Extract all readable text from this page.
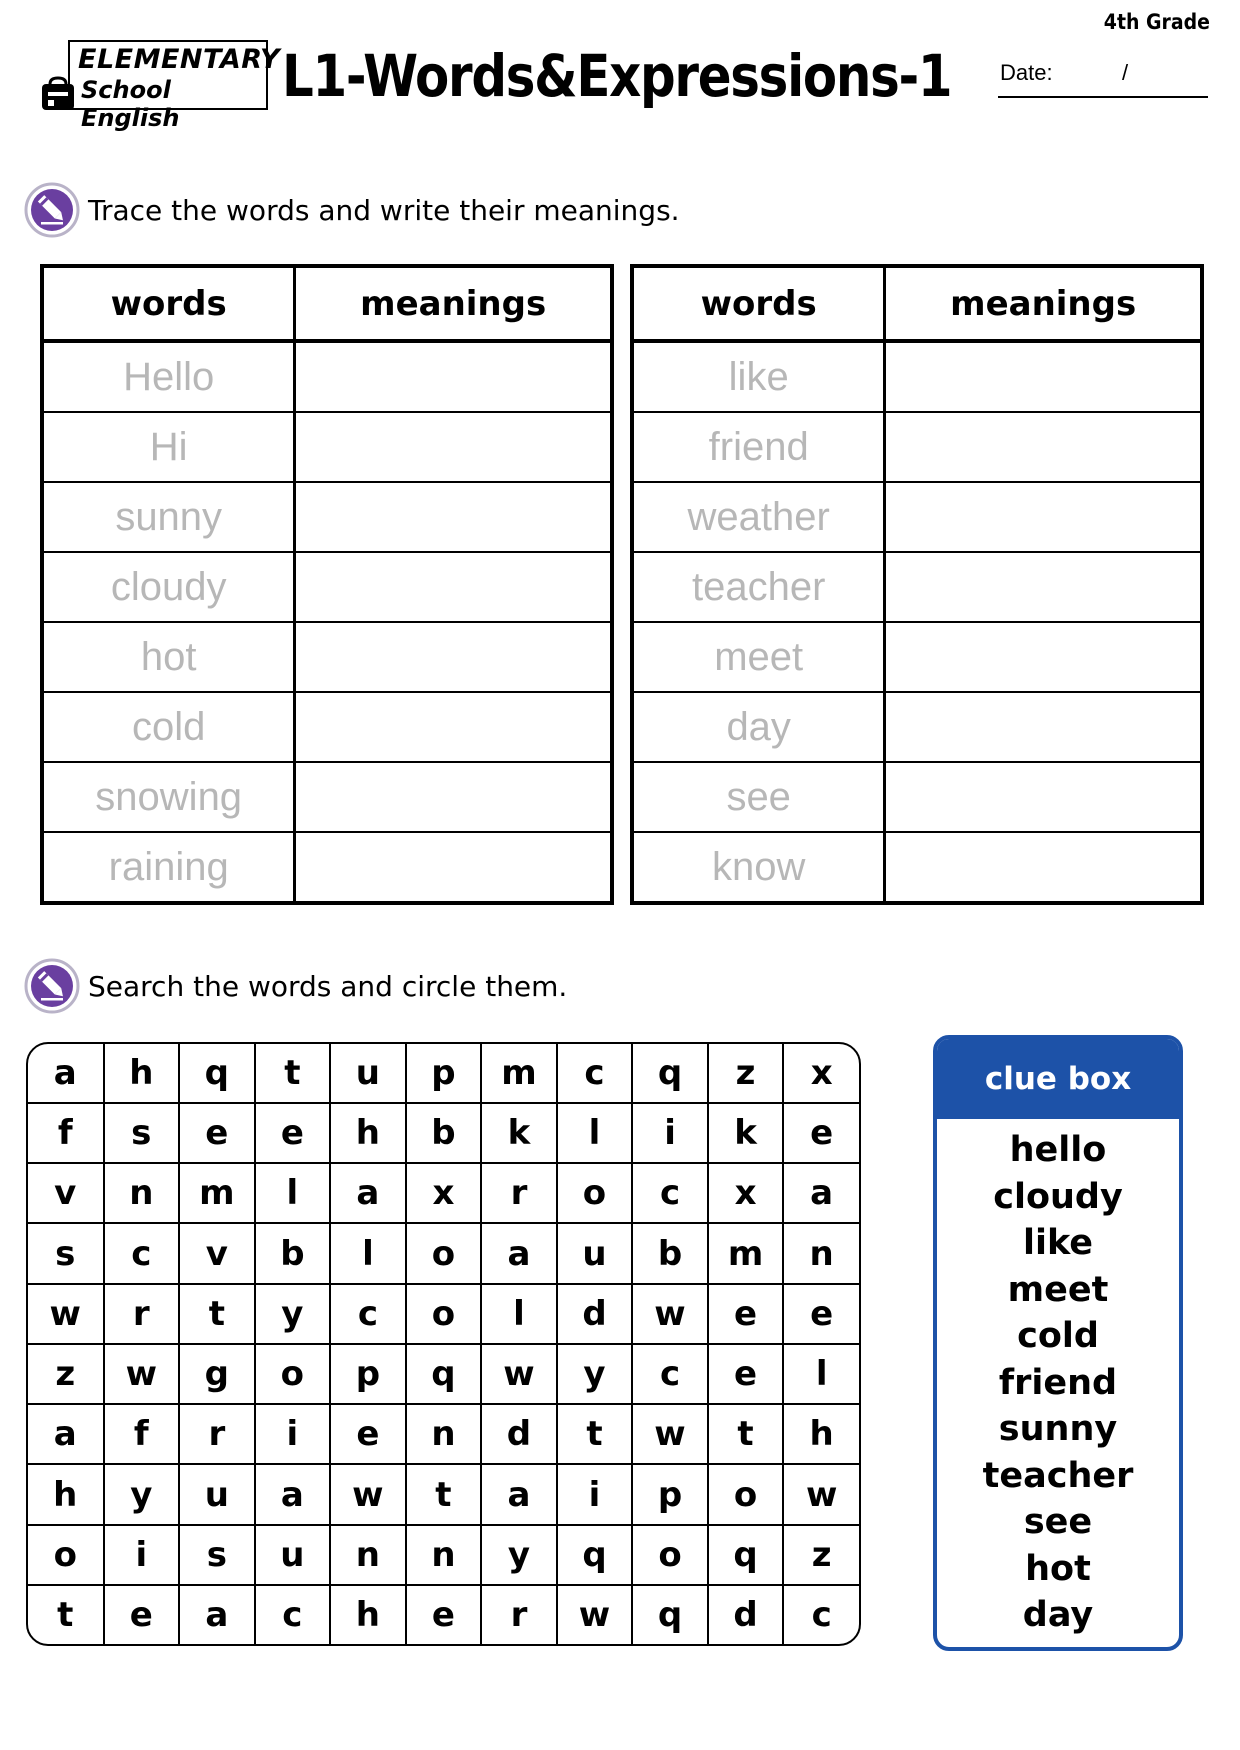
ELEMENTARY
School English
L1-Words&Expressions-1
4th Grade
Date:	/
Trace the words and write their meanings.
words	meanings
Hello	
Hi	
sunny	
cloudy	
hot	
cold	
snowing	
raining	
words	meanings
like	
friend	
weather	
teacher	
meet	
day	
see	
know	
Search the words and circle them.
a	h	q	t	u	p	m	c	q	z	x
f	s	e	e	h	b	k	l	i	k	e
v	n	m	l	a	x	r	o	c	x	a
s	c	v	b	l	o	a	u	b	m	n
w	r	t	y	c	o	l	d	w	e	e
z	w	g	o	p	q	w	y	c	e	l
a	f	r	i	e	n	d	t	w	t	h
h	y	u	a	w	t	a	i	p	o	w
o	i	s	u	n	n	y	q	o	q	z
t	e	a	c	h	e	r	w	q	d	c
clue box
hello
cloudy
like
meet
cold
friend
sunny
teacher
see
hot
day
